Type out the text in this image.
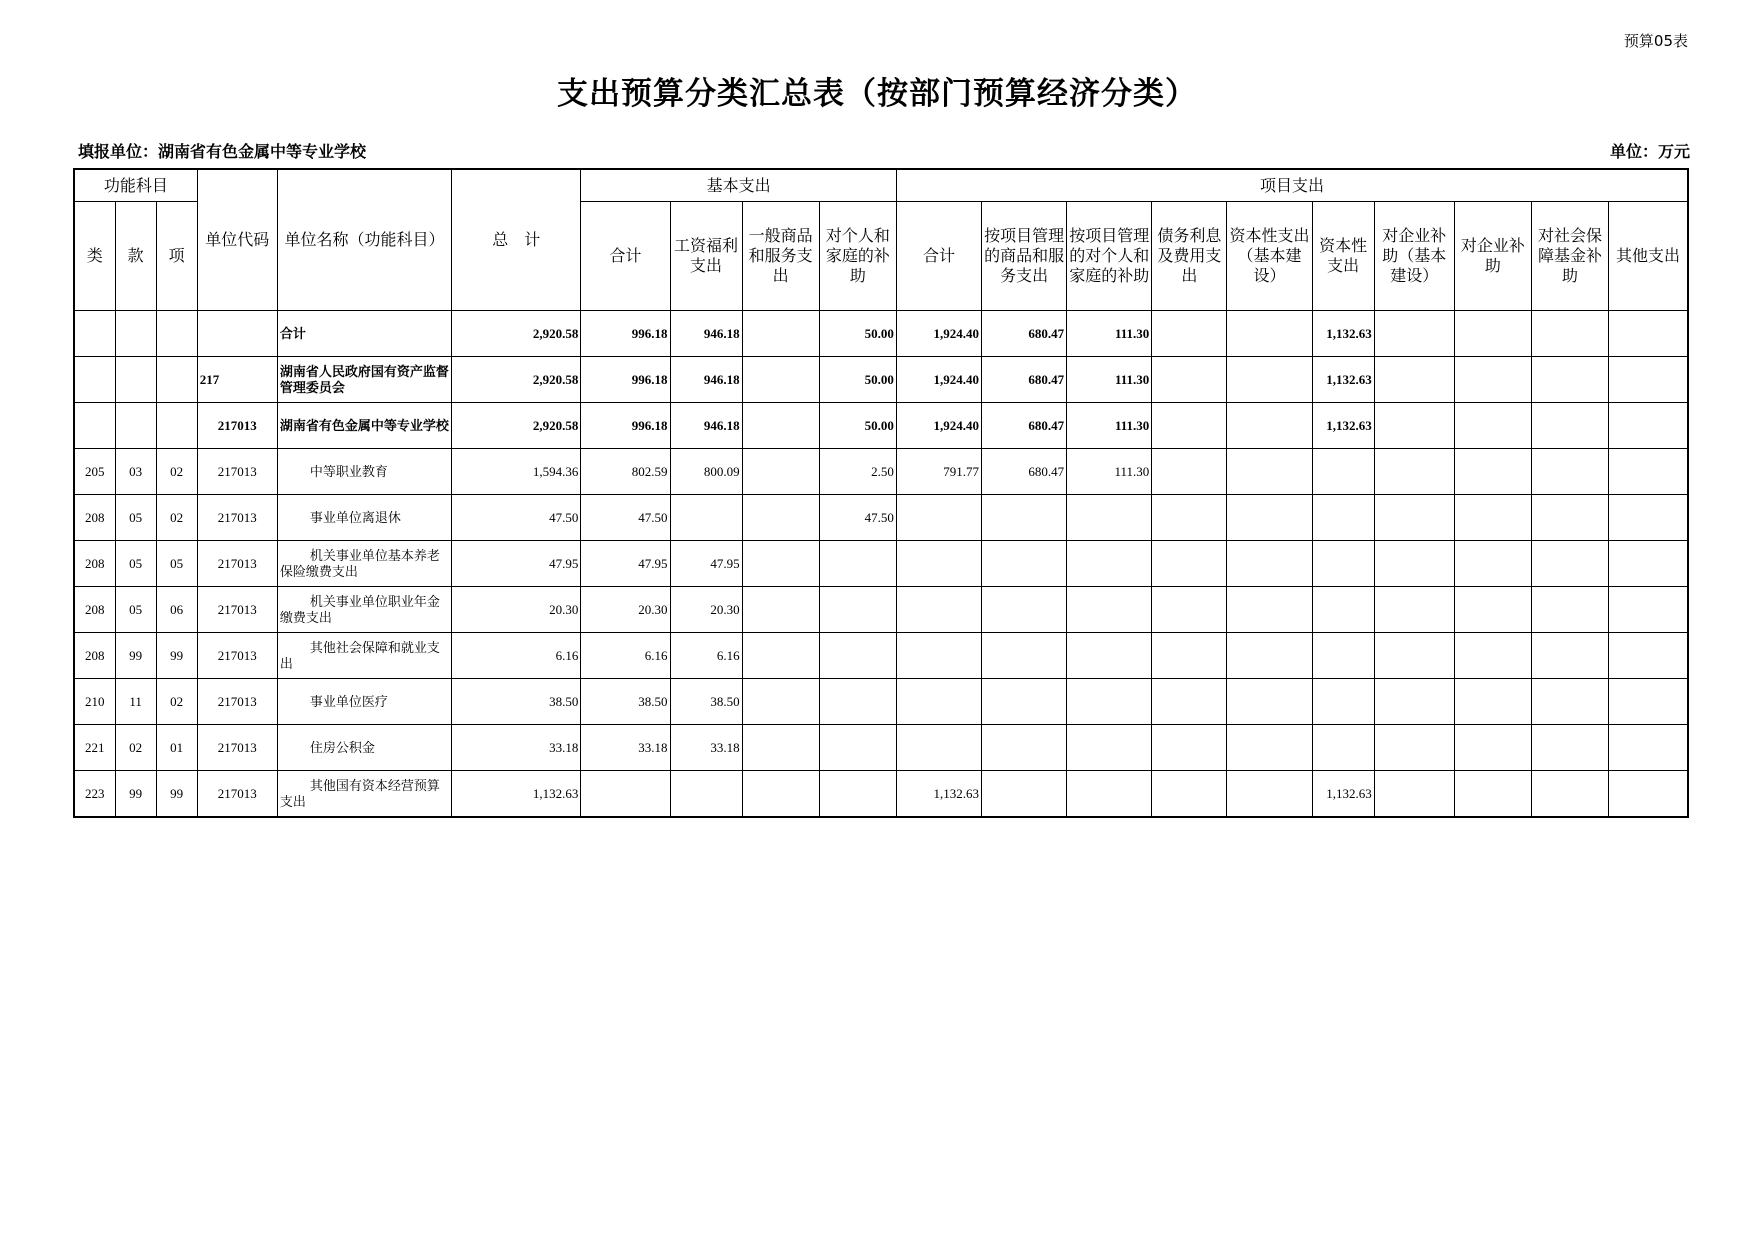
预算05表
支出预算分类汇总表（按部门预算经济分类）
填报单位：湖南省有色金属中等专业学校	单位：万元
功能科目			单位代码	单位名称（功能科目）	总　计	基本支出				项目支出									
类	款	项				合计	工资福利支出	一般商品和服务支出	对个人和家庭的补助	合计	按项目管理的商品和服务支出	按项目管理的对个人和家庭的补助	债务利息及费用支出	资本性支出（基本建设）	资本性支出	对企业补助（基本建设）	对企业补助	对社会保障基金补助	其他支出
				合计	2,920.58	996.18	946.18		50.00	1,924.40	680.47	111.30			1,132.63				
			217	湖南省人民政府国有资产监督管理委员会	2,920.58	996.18	946.18		50.00	1,924.40	680.47	111.30			1,132.63				
			217013	湖南省有色金属中等专业学校	2,920.58	996.18	946.18		50.00	1,924.40	680.47	111.30			1,132.63				
205	03	02	217013	中等职业教育	1,594.36	802.59	800.09		2.50	791.77	680.47	111.30							
208	05	02	217013	事业单位离退休	47.50	47.50			47.50										
208	05	05	217013	机关事业单位基本养老保险缴费支出	47.95	47.95	47.95												
208	05	06	217013	机关事业单位职业年金缴费支出	20.30	20.30	20.30												
208	99	99	217013	其他社会保障和就业支出	6.16	6.16	6.16												
210	11	02	217013	事业单位医疗	38.50	38.50	38.50												
221	02	01	217013	住房公积金	33.18	33.18	33.18												
223	99	99	217013	其他国有资本经营预算支出	1,132.63					1,132.63					1,132.63				
